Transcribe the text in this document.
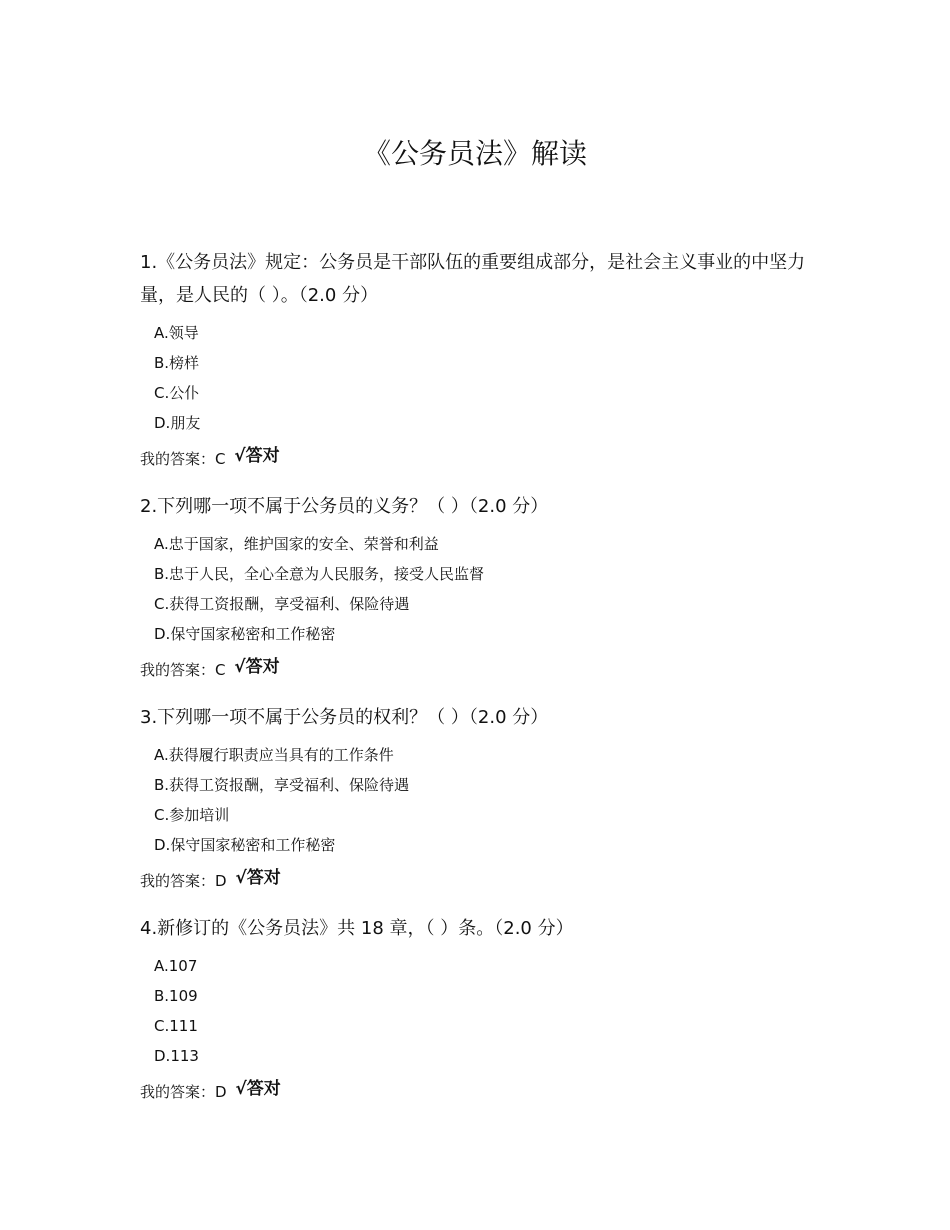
《公务员法》解读

1.《公务员法》规定：公务员是干部队伍的重要组成部分，是社会主义事业的中坚力量，是人民的（ ）。（2.0 分）

A.领导
B.榜样
C.公仆
D.朋友
我的答案：C √答对

2.下列哪一项不属于公务员的义务？（ ）（2.0 分）

A.忠于国家，维护国家的安全、荣誉和利益
B.忠于人民，全心全意为人民服务，接受人民监督
C.获得工资报酬，享受福利、保险待遇
D.保守国家秘密和工作秘密
我的答案：C √答对

3.下列哪一项不属于公务员的权利？（ ）（2.0 分）

A.获得履行职责应当具有的工作条件
B.获得工资报酬，享受福利、保险待遇
C.参加培训
D.保守国家秘密和工作秘密
我的答案：D √答对

4.新修订的《公务员法》共 18 章，（ ）条。（2.0 分）

A.107
B.109
C.111
D.113
我的答案：D √答对
